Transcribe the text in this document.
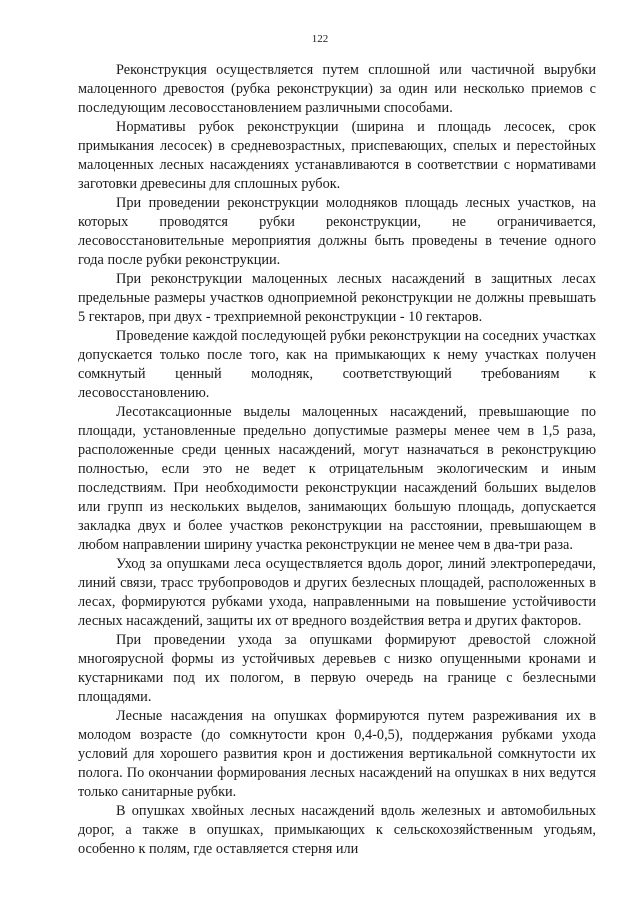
122

Реконструкция осуществляется путем сплошной или частичной вырубки малоценного древостоя (рубка реконструкции) за один или несколько приемов с последующим лесовосстановлением различными способами.

Нормативы рубок реконструкции (ширина и площадь лесосек, срок примыкания лесосек) в средневозрастных, приспевающих, спелых и перестойных малоценных лесных насаждениях устанавливаются в соответствии с нормативами заготовки древесины для сплошных рубок.

При проведении реконструкции молодняков площадь лесных участков, на которых проводятся рубки реконструкции, не ограничивается, лесовосстановительные мероприятия должны быть проведены в течение одного года после рубки реконструкции.

При реконструкции малоценных лесных насаждений в защитных лесах предельные размеры участков одноприемной реконструкции не должны превышать 5 гектаров, при двух - трехприемной реконструкции - 10 гектаров.

Проведение каждой последующей рубки реконструкции на соседних участках допускается только после того, как на примыкающих к нему участках получен сомкнутый ценный молодняк, соответствующий требованиям к лесовосстановлению.

Лесотаксационные выделы малоценных насаждений, превышающие по площади, установленные предельно допустимые размеры менее чем в 1,5 раза, расположенные среди ценных насаждений, могут назначаться в реконструкцию полностью, если это не ведет к отрицательным экологическим и иным последствиям. При необходимости реконструкции насаждений больших выделов или групп из нескольких выделов, занимающих большую площадь, допускается закладка двух и более участков реконструкции на расстоянии, превышающем в любом направлении ширину участка реконструкции не менее чем в два-три раза.

Уход за опушками леса осуществляется вдоль дорог, линий электропередачи, линий связи, трасс трубопроводов и других безлесных площадей, расположенных в лесах, формируются рубками ухода, направленными на повышение устойчивости лесных насаждений, защиты их от вредного воздействия ветра и других факторов.

При проведении ухода за опушками формируют древостой сложной многоярусной формы из устойчивых деревьев с низко опущенными кронами и кустарниками под их пологом, в первую очередь на границе с безлесными площадями.

Лесные насаждения на опушках формируются путем разреживания их в молодом возрасте (до сомкнутости крон 0,4-0,5), поддержания рубками ухода условий для хорошего развития крон и достижения вертикальной сомкнутости их полога. По окончании формирования лесных насаждений на опушках в них ведутся только санитарные рубки.

В опушках хвойных лесных насаждений вдоль железных и автомобильных дорог, а также в опушках, примыкающих к сельскохозяйственным угодьям, особенно к полям, где оставляется стерня или
